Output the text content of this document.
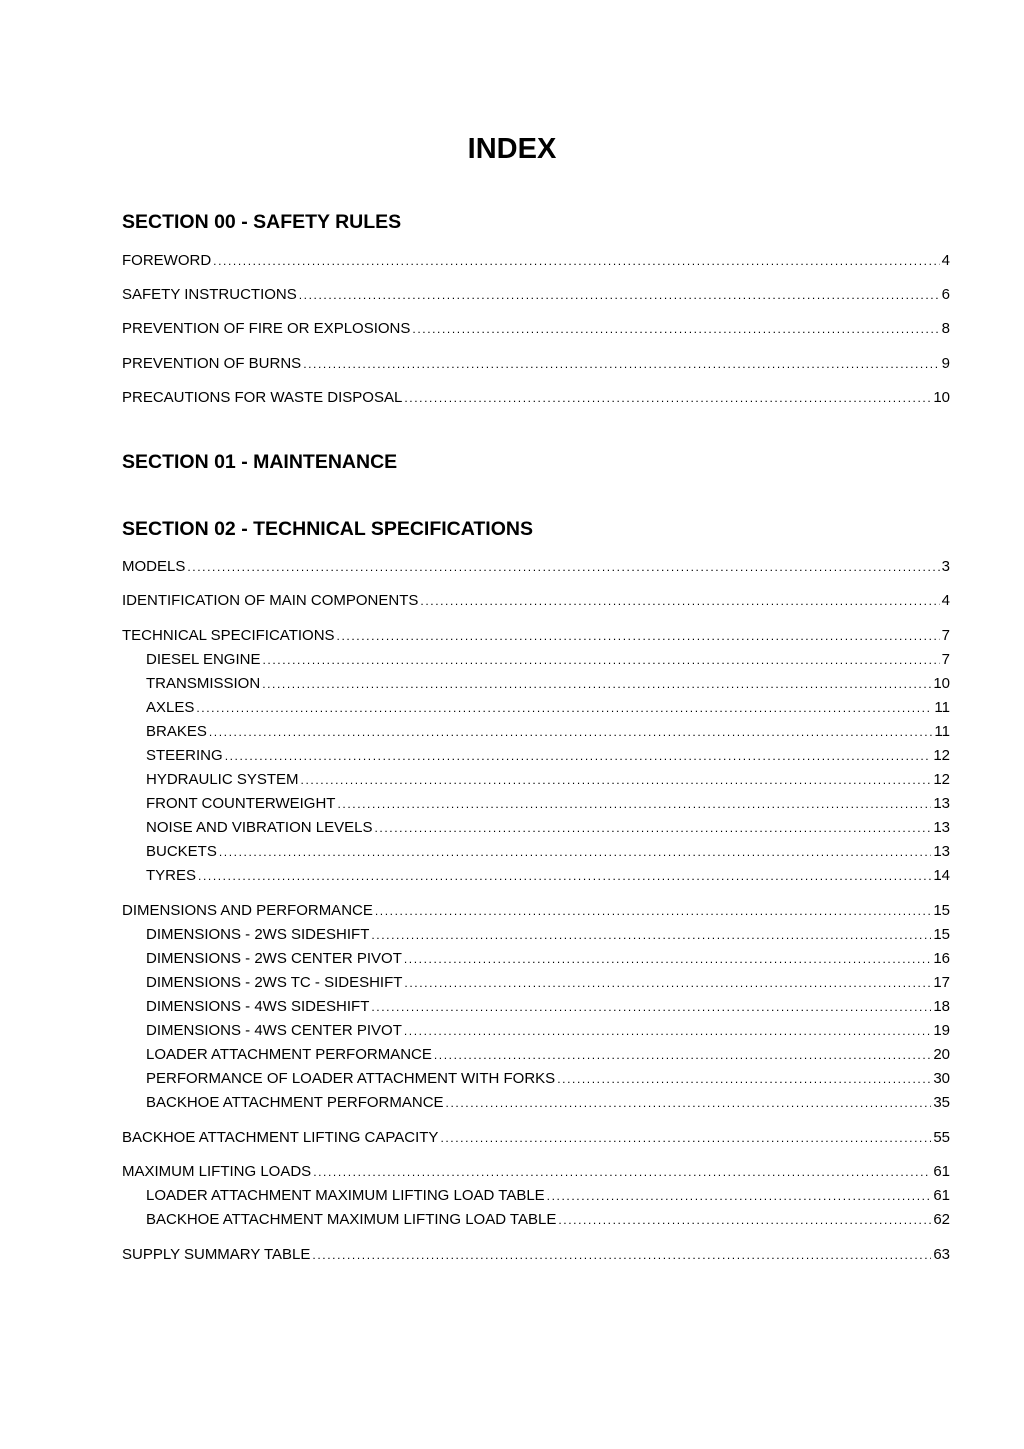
INDEX
SECTION 00 - SAFETY RULES
FOREWORD .....	4
SAFETY INSTRUCTIONS .....	6
PREVENTION OF FIRE OR EXPLOSIONS .....	8
PREVENTION OF BURNS .....	9
PRECAUTIONS FOR WASTE DISPOSAL .....	10
SECTION 01 - MAINTENANCE
SECTION 02 - TECHNICAL SPECIFICATIONS
MODELS .....	3
IDENTIFICATION OF MAIN COMPONENTS .....	4
TECHNICAL SPECIFICATIONS .....	7
DIESEL ENGINE .....	7
TRANSMISSION .....	10
AXLES .....	11
BRAKES .....	11
STEERING .....	12
HYDRAULIC SYSTEM .....	12
FRONT COUNTERWEIGHT .....	13
NOISE AND VIBRATION LEVELS .....	13
BUCKETS .....	13
TYRES .....	14
DIMENSIONS AND PERFORMANCE .....	15
DIMENSIONS - 2WS SIDESHIFT .....	15
DIMENSIONS - 2WS CENTER PIVOT .....	16
DIMENSIONS - 2WS TC - SIDESHIFT .....	17
DIMENSIONS - 4WS SIDESHIFT .....	18
DIMENSIONS - 4WS CENTER PIVOT .....	19
LOADER ATTACHMENT PERFORMANCE .....	20
PERFORMANCE OF LOADER ATTACHMENT WITH FORKS .....	30
BACKHOE ATTACHMENT PERFORMANCE .....	35
BACKHOE ATTACHMENT LIFTING CAPACITY .....	55
MAXIMUM LIFTING LOADS .....	61
LOADER ATTACHMENT MAXIMUM LIFTING LOAD TABLE .....	61
BACKHOE ATTACHMENT MAXIMUM LIFTING LOAD TABLE .....	62
SUPPLY SUMMARY TABLE .....	63
